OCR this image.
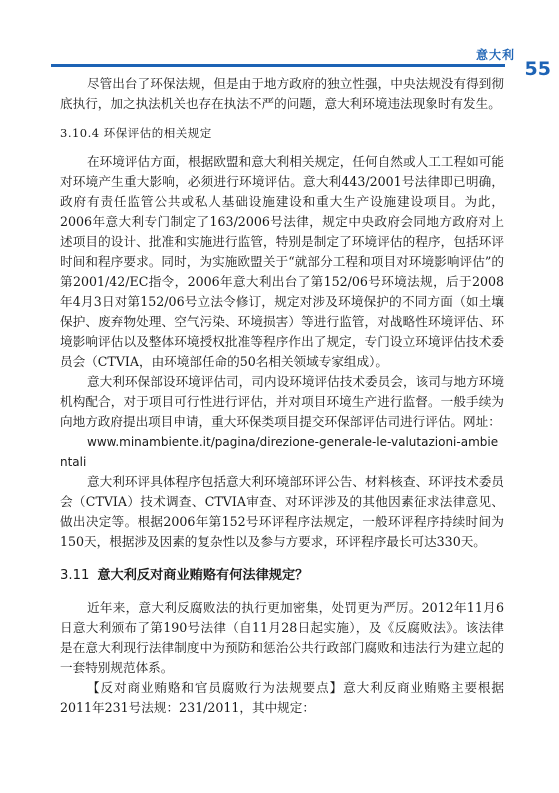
意大利
55

尽管出台了环保法规，但是由于地方政府的独立性强，中央法规没有得到彻底执行，加之执法机关也存在执法不严的问题，意大利环境违法现象时有发生。

3.10.4 环保评估的相关规定

在环境评估方面，根据欧盟和意大利相关规定，任何自然或人工工程如可能对环境产生重大影响，必须进行环境评估。意大利443/2001号法律即已明确，政府有责任监管公共或私人基础设施建设和重大生产设施建设项目。为此，2006年意大利专门制定了163/2006号法律，规定中央政府会同地方政府对上述项目的设计、批准和实施进行监管，特别是制定了环境评估的程序，包括环评时间和程序要求。同时，为实施欧盟关于“就部分工程和项目对环境影响评估”的第2001/42/EC指令，2006年意大利出台了第152/06号环境法规，后于2008年4月3日对第152/06号立法令修订，规定对涉及环境保护的不同方面（如土壤保护、废弃物处理、空气污染、环境损害）等进行监管，对战略性环境评估、环境影响评估以及整体环境授权批准等程序作出了规定，专门设立环境评估技术委员会（CTVIA，由环境部任命的50名相关领域专家组成）。

意大利环保部设环境评估司，司内设环境评估技术委员会，该司与地方环境机构配合，对于项目可行性进行评估，并对项目环境生产进行监督。一般手续为向地方政府提出项目申请，重大环保类项目提交环保部评估司进行评估。网址：

www.minambiente.it/pagina/direzione-generale-le-valutazioni-ambientali

意大利环评具体程序包括意大利环境部环评公告、材料核查、环评技术委员会（CTVIA）技术调查、CTVIA审查、对环评涉及的其他因素征求法律意见、做出决定等。根据2006年第152号环评程序法规定，一般环评程序持续时间为150天，根据涉及因素的复杂性以及参与方要求，环评程序最长可达330天。

3.11 意大利反对商业贿赂有何法律规定？

近年来，意大利反腐败法的执行更加密集，处罚更为严厉。2012年11月6日意大利颁布了第190号法律（自11月28日起实施），及《反腐败法》。该法律是在意大利现行法律制度中为预防和惩治公共行政部门腐败和违法行为建立起的一套特别规范体系。

【反对商业贿赂和官员腐败行为法规要点】意大利反商业贿赂主要根据2011年231号法规：231/2011，其中规定：
